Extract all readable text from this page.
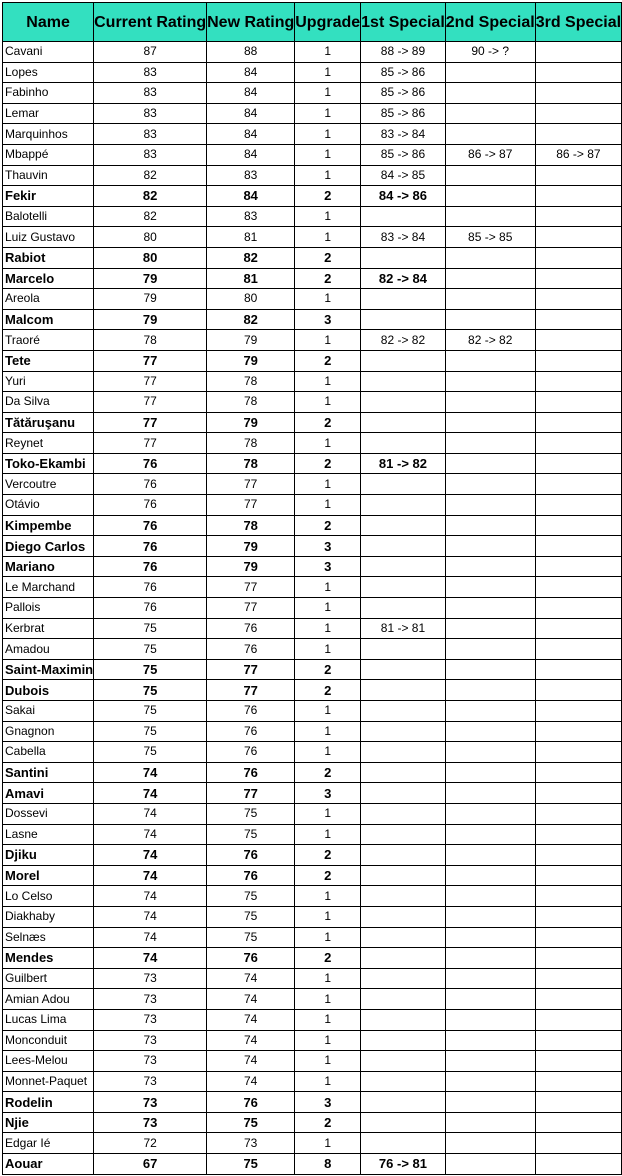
Name	Current Rating	New Rating	Upgrade	1st Special	2nd Special	3rd Special
Cavani	87	88	1	88 -> 89	90 -> ?	
Lopes	83	84	1	85 -> 86		
Fabinho	83	84	1	85 -> 86		
Lemar	83	84	1	85 -> 86		
Marquinhos	83	84	1	83 -> 84		
Mbappé	83	84	1	85 -> 86	86 -> 87	86 -> 87
Thauvin	82	83	1	84 -> 85		
Fekir	82	84	2	84 -> 86		
Balotelli	82	83	1			
Luiz Gustavo	80	81	1	83 -> 84	85 -> 85	
Rabiot	80	82	2			
Marcelo	79	81	2	82 -> 84		
Areola	79	80	1			
Malcom	79	82	3			
Traoré	78	79	1	82 -> 82	82 -> 82	
Tete	77	79	2			
Yuri	77	78	1			
Da Silva	77	78	1			
Tătăruşanu	77	79	2			
Reynet	77	78	1			
Toko-Ekambi	76	78	2	81 -> 82		
Vercoutre	76	77	1			
Otávio	76	77	1			
Kimpembe	76	78	2			
Diego Carlos	76	79	3			
Mariano	76	79	3			
Le Marchand	76	77	1			
Pallois	76	77	1			
Kerbrat	75	76	1	81 -> 81		
Amadou	75	76	1			
Saint-Maximin	75	77	2			
Dubois	75	77	2			
Sakai	75	76	1			
Gnagnon	75	76	1			
Cabella	75	76	1			
Santini	74	76	2			
Amavi	74	77	3			
Dossevi	74	75	1			
Lasne	74	75	1			
Djiku	74	76	2			
Morel	74	76	2			
Lo Celso	74	75	1			
Diakhaby	74	75	1			
Selnæs	74	75	1			
Mendes	74	76	2			
Guilbert	73	74	1			
Amian Adou	73	74	1			
Lucas Lima	73	74	1			
Monconduit	73	74	1			
Lees-Melou	73	74	1			
Monnet-Paquet	73	74	1			
Rodelin	73	76	3			
Njie	73	75	2			
Edgar Ié	72	73	1			
Aouar	67	75	8	76 -> 81		
